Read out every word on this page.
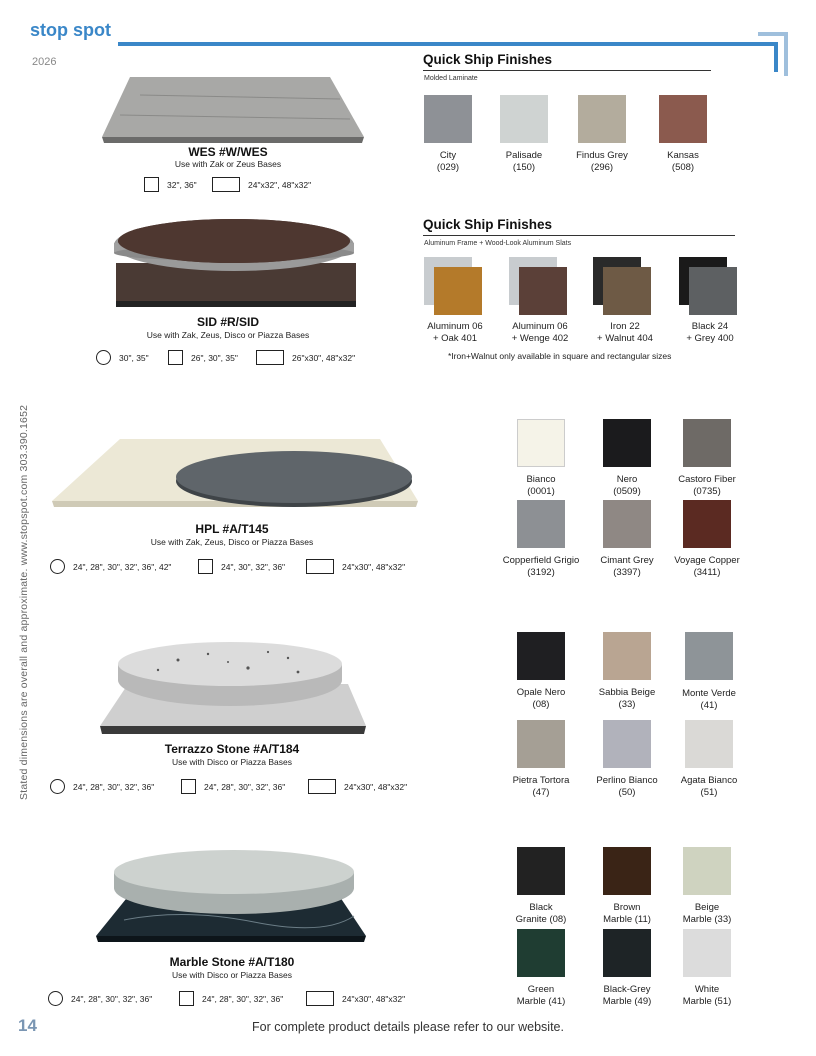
stop spot
2026
Stated dimensions are overall and approximate. www.stopspot.com 303.390.1652
WES #W/WES
Use with Zak or Zeus Bases
32", 36"	24"x32", 48"x32"
Quick Ship Finishes
Molded Laminate
City
(029)
Palisade
(150)
Findus Grey
(296)
Kansas
(508)
SID #R/SID
Use with Zak, Zeus, Disco or Piazza Bases
30", 35"	26", 30", 35"	26"x30", 48"x32"
Quick Ship Finishes
Aluminum Frame + Wood-Look Aluminum Slats
Aluminum 06
+ Oak 401
Aluminum 06
+ Wenge 402
Iron 22
+ Walnut 404
Black 24
+ Grey 400
*Iron+Walnut only available in square and rectangular sizes
HPL #A/T145
Use with Zak, Zeus, Disco or Piazza Bases
24", 28", 30", 32", 36", 42"	24", 30", 32", 36"	24"x30", 48"x32"
Bianco
(0001)
Nero
(0509)
Castoro Fiber
(0735)
Copperfield Grigio
(3192)
Cimant Grey
(3397)
Voyage Copper
(3411)
Terrazzo Stone #A/T184
Use with Disco or Piazza Bases
24", 28", 30", 32", 36"	24", 28", 30", 32", 36"	24"x30", 48"x32"
Opale Nero
(08)
Sabbia Beige
(33)
Monte Verde
(41)
Pietra Tortora
(47)
Perlino Bianco
(50)
Agata Bianco
(51)
Marble Stone #A/T180
Use with Disco or Piazza Bases
24", 28", 30", 32", 36"	24", 28", 30", 32", 36"	24"x30", 48"x32"
Black
Granite (08)
Brown
Marble (11)
Beige
Marble (33)
Green
Marble (41)
Black-Grey
Marble (49)
White
Marble (51)
14	For complete product details please refer to our website.
